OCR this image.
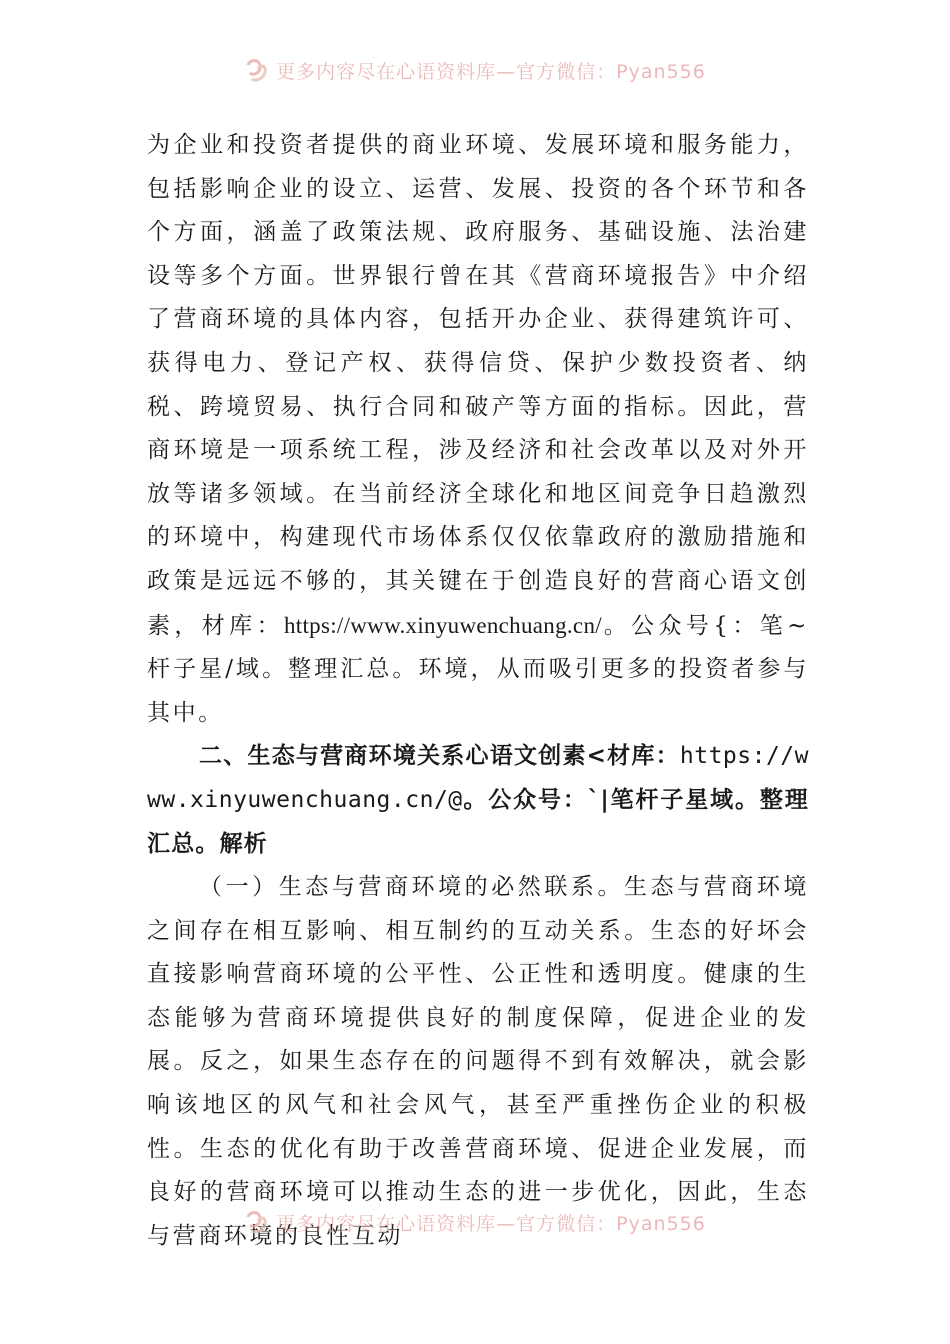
更多内容尽在心语资料库—官方微信：Pyan556

为企业和投资者提供的商业环境、发展环境和服务能力，包括影响企业的设立、运营、发展、投资的各个环节和各个方面，涵盖了政策法规、政府服务、基础设施、法治建设等多个方面。世界银行曾在其《营商环境报告》中介绍了营商环境的具体内容，包括开办企业、获得建筑许可、获得电力、登记产权、获得信贷、保护少数投资者、纳税、跨境贸易、执行合同和破产等方面的指标。因此，营商环境是一项系统工程，涉及经济和社会改革以及对外开放等诸多领域。在当前经济全球化和地区间竞争日趋激烈的环境中，构建现代市场体系仅仅依靠政府的激励措施和政策是远远不够的，其关键在于创造良好的营商心语文创素，材库：https://www.xinyuwenchuang.cn/。公众号{：笔~杆子星/域。整理汇总。环境，从而吸引更多的投资者参与其中。

二、生态与营商环境关系心语文创素<材库：https://www.xinyuwenchuang.cn/@。公众号：`|笔杆子星域。整理汇总。解析

（一）生态与营商环境的必然联系。生态与营商环境之间存在相互影响、相互制约的互动关系。生态的好坏会直接影响营商环境的公平性、公正性和透明度。健康的生态能够为营商环境提供良好的制度保障，促进企业的发展。反之，如果生态存在的问题得不到有效解决，就会影响该地区的风气和社会风气，甚至严重挫伤企业的积极性。生态的优化有助于改善营商环境、促进企业发展，而良好的营商环境可以推动生态的进一步优化，因此，生态与营商环境的良性互动

更多内容尽在心语资料库—官方微信：Pyan556
